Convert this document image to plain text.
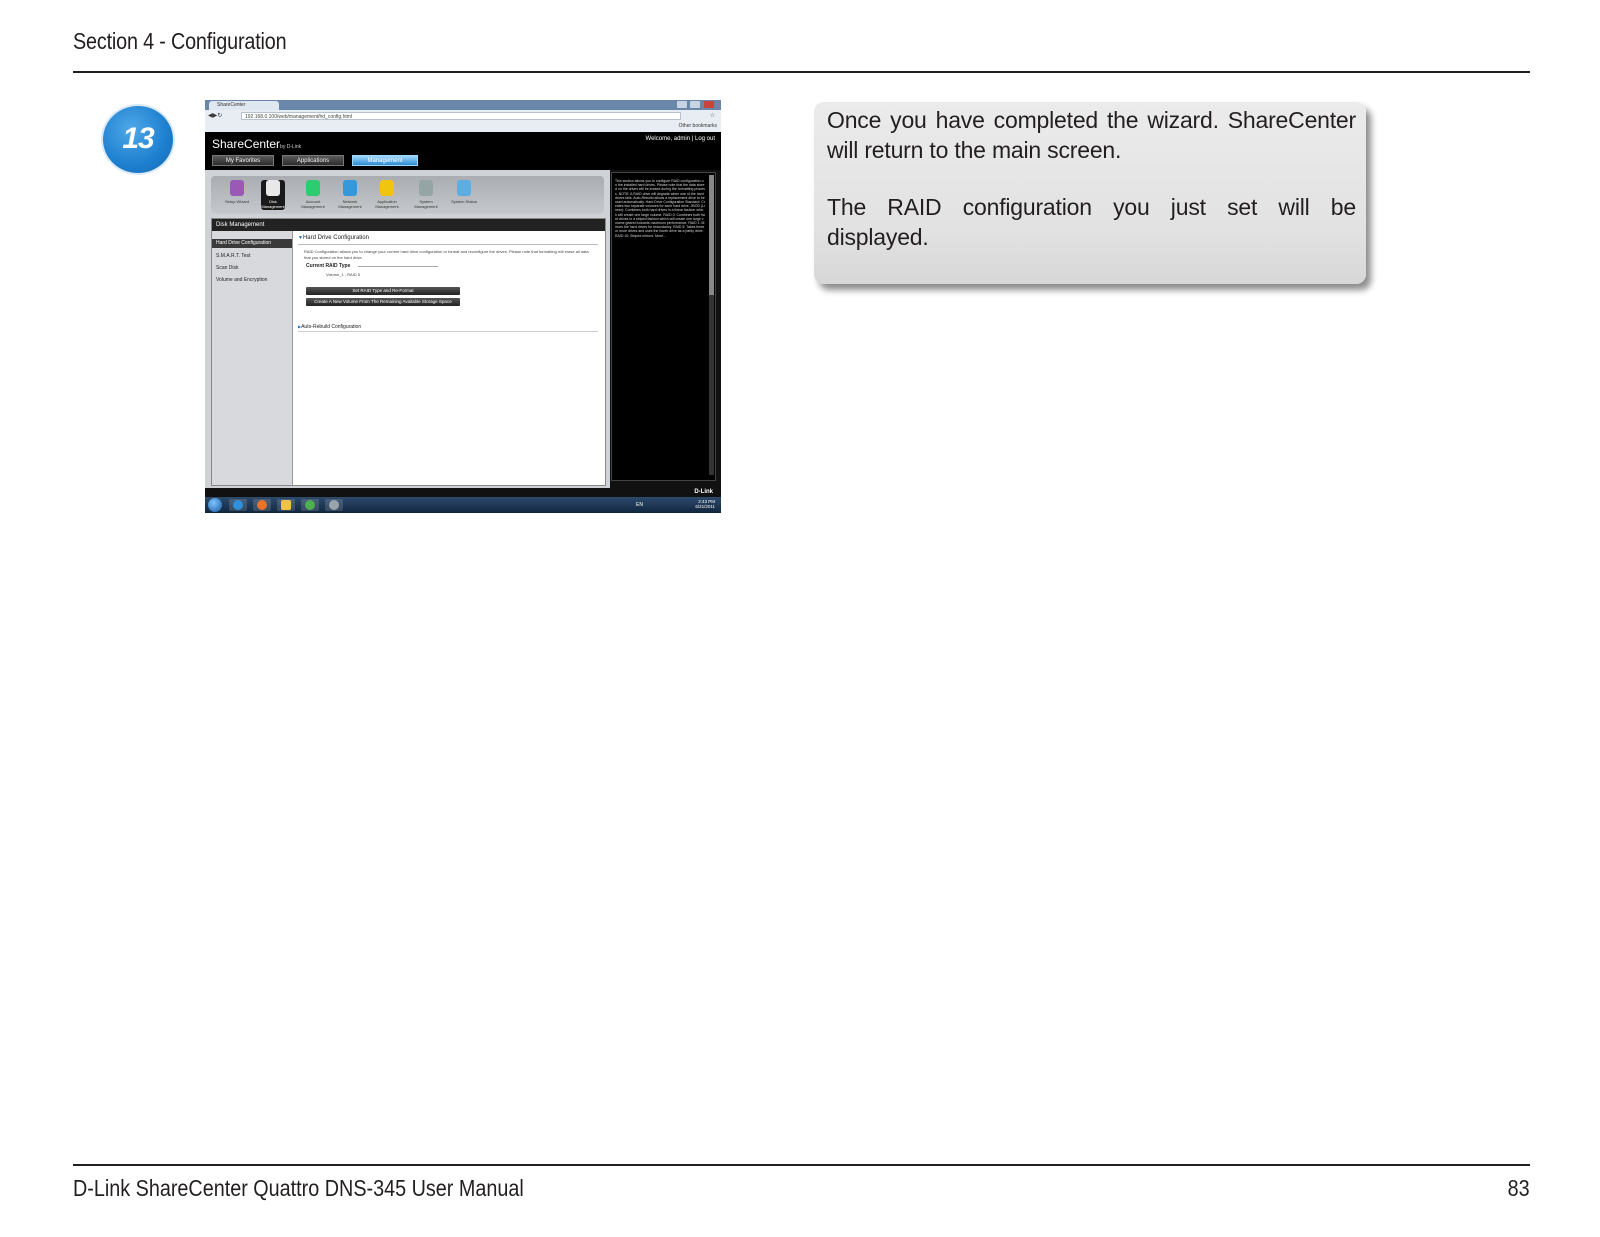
Section 4 - Configuration
13
ShareCenter
◀▶↻	192.168.0.100/web/management/hd_config.html	☆
Other bookmarks
ShareCenterby D-Link
Welcome, admin | Log out
My Favorites	Applications	Management
Setup Wizard	Disk Management
Account Management
Network Management
Application Management
System Management
System Status
Disk Management
Hard Drive Configuration
S.M.A.R.T. Test
Scan Disk
Volume and Encryption
▼ Hard Drive Configuration
RAID Configuration allows you to change your current hard drive configuration or format and reconfigure the drives. Please note that formatting will erase all data that you stored on the hard drive.
Current RAID Type
Volume_1 : RAID 5
Set RAID Type and Re-Format
Create A New Volume From The Remaining Available Storage Space
▶ Auto-Rebuild Configuration
This section allows you to configure RAID configuration on the installed hard drives. Please note that the data stored on the drives will be erased during the formatting process. NOTE: A RAID drive will degrade when one of the hard drives fails. Auto-Rebuild allows a replacement drive to be used automatically. Hard Drive Configuration Standard: Creates two separate volumes for each hard drive. JBOD (Linear): Combines both hard drives in a linear fashion which will create one large volume. RAID 0: Combines both hard drives in a striped fashion which will create one large volume geared towards maximum performance. RAID 1: Mirrors the hard drives for redundancy. RAID 5: Takes three or more drives and uses the fourth drive as a parity drive. RAID 10: Striped mirrors. More...
D-Link
EN
2:43 PM
6/21/2011
Once you have completed the wizard. ShareCenter will return to the main screen.
The RAID configuration you just set will be displayed.
D-Link ShareCenter Quattro DNS-345 User Manual	83
